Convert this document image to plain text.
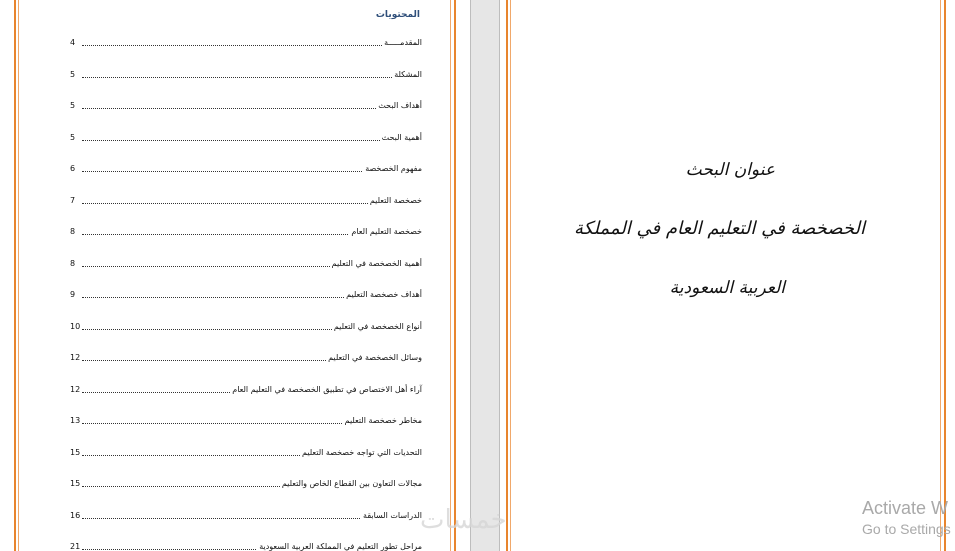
المحتويات
4	المقدمـــــة
5	المشكلة
5	أهداف البحث
5	أهمية البحث
6	مفهوم الخصخصة
7	خصخصة التعليم
8	خصخصة التعليم العام
8	أهمية الخصخصة في التعليم
9	أهداف خصخصة التعليم
10	أنواع الخصخصة في التعليم
12	وسائل الخصخصة في التعليم
12	آراء أهل الاختصاص في تطبيق الخصخصة في التعليم العام
13	مخاطر خصخصة التعليم
15	التحديات التي تواجه خصخصة التعليم
15	مجالات التعاون بين القطاع الخاص والتعليم
16	الدراسات السابقة
21	مراحل تطور التعليم في المملكة العربية السعودية
عنوان البحث
الخصخصة في التعليم العام في المملكة
العربية السعودية
خمسات	Activate W
Go to Settings
